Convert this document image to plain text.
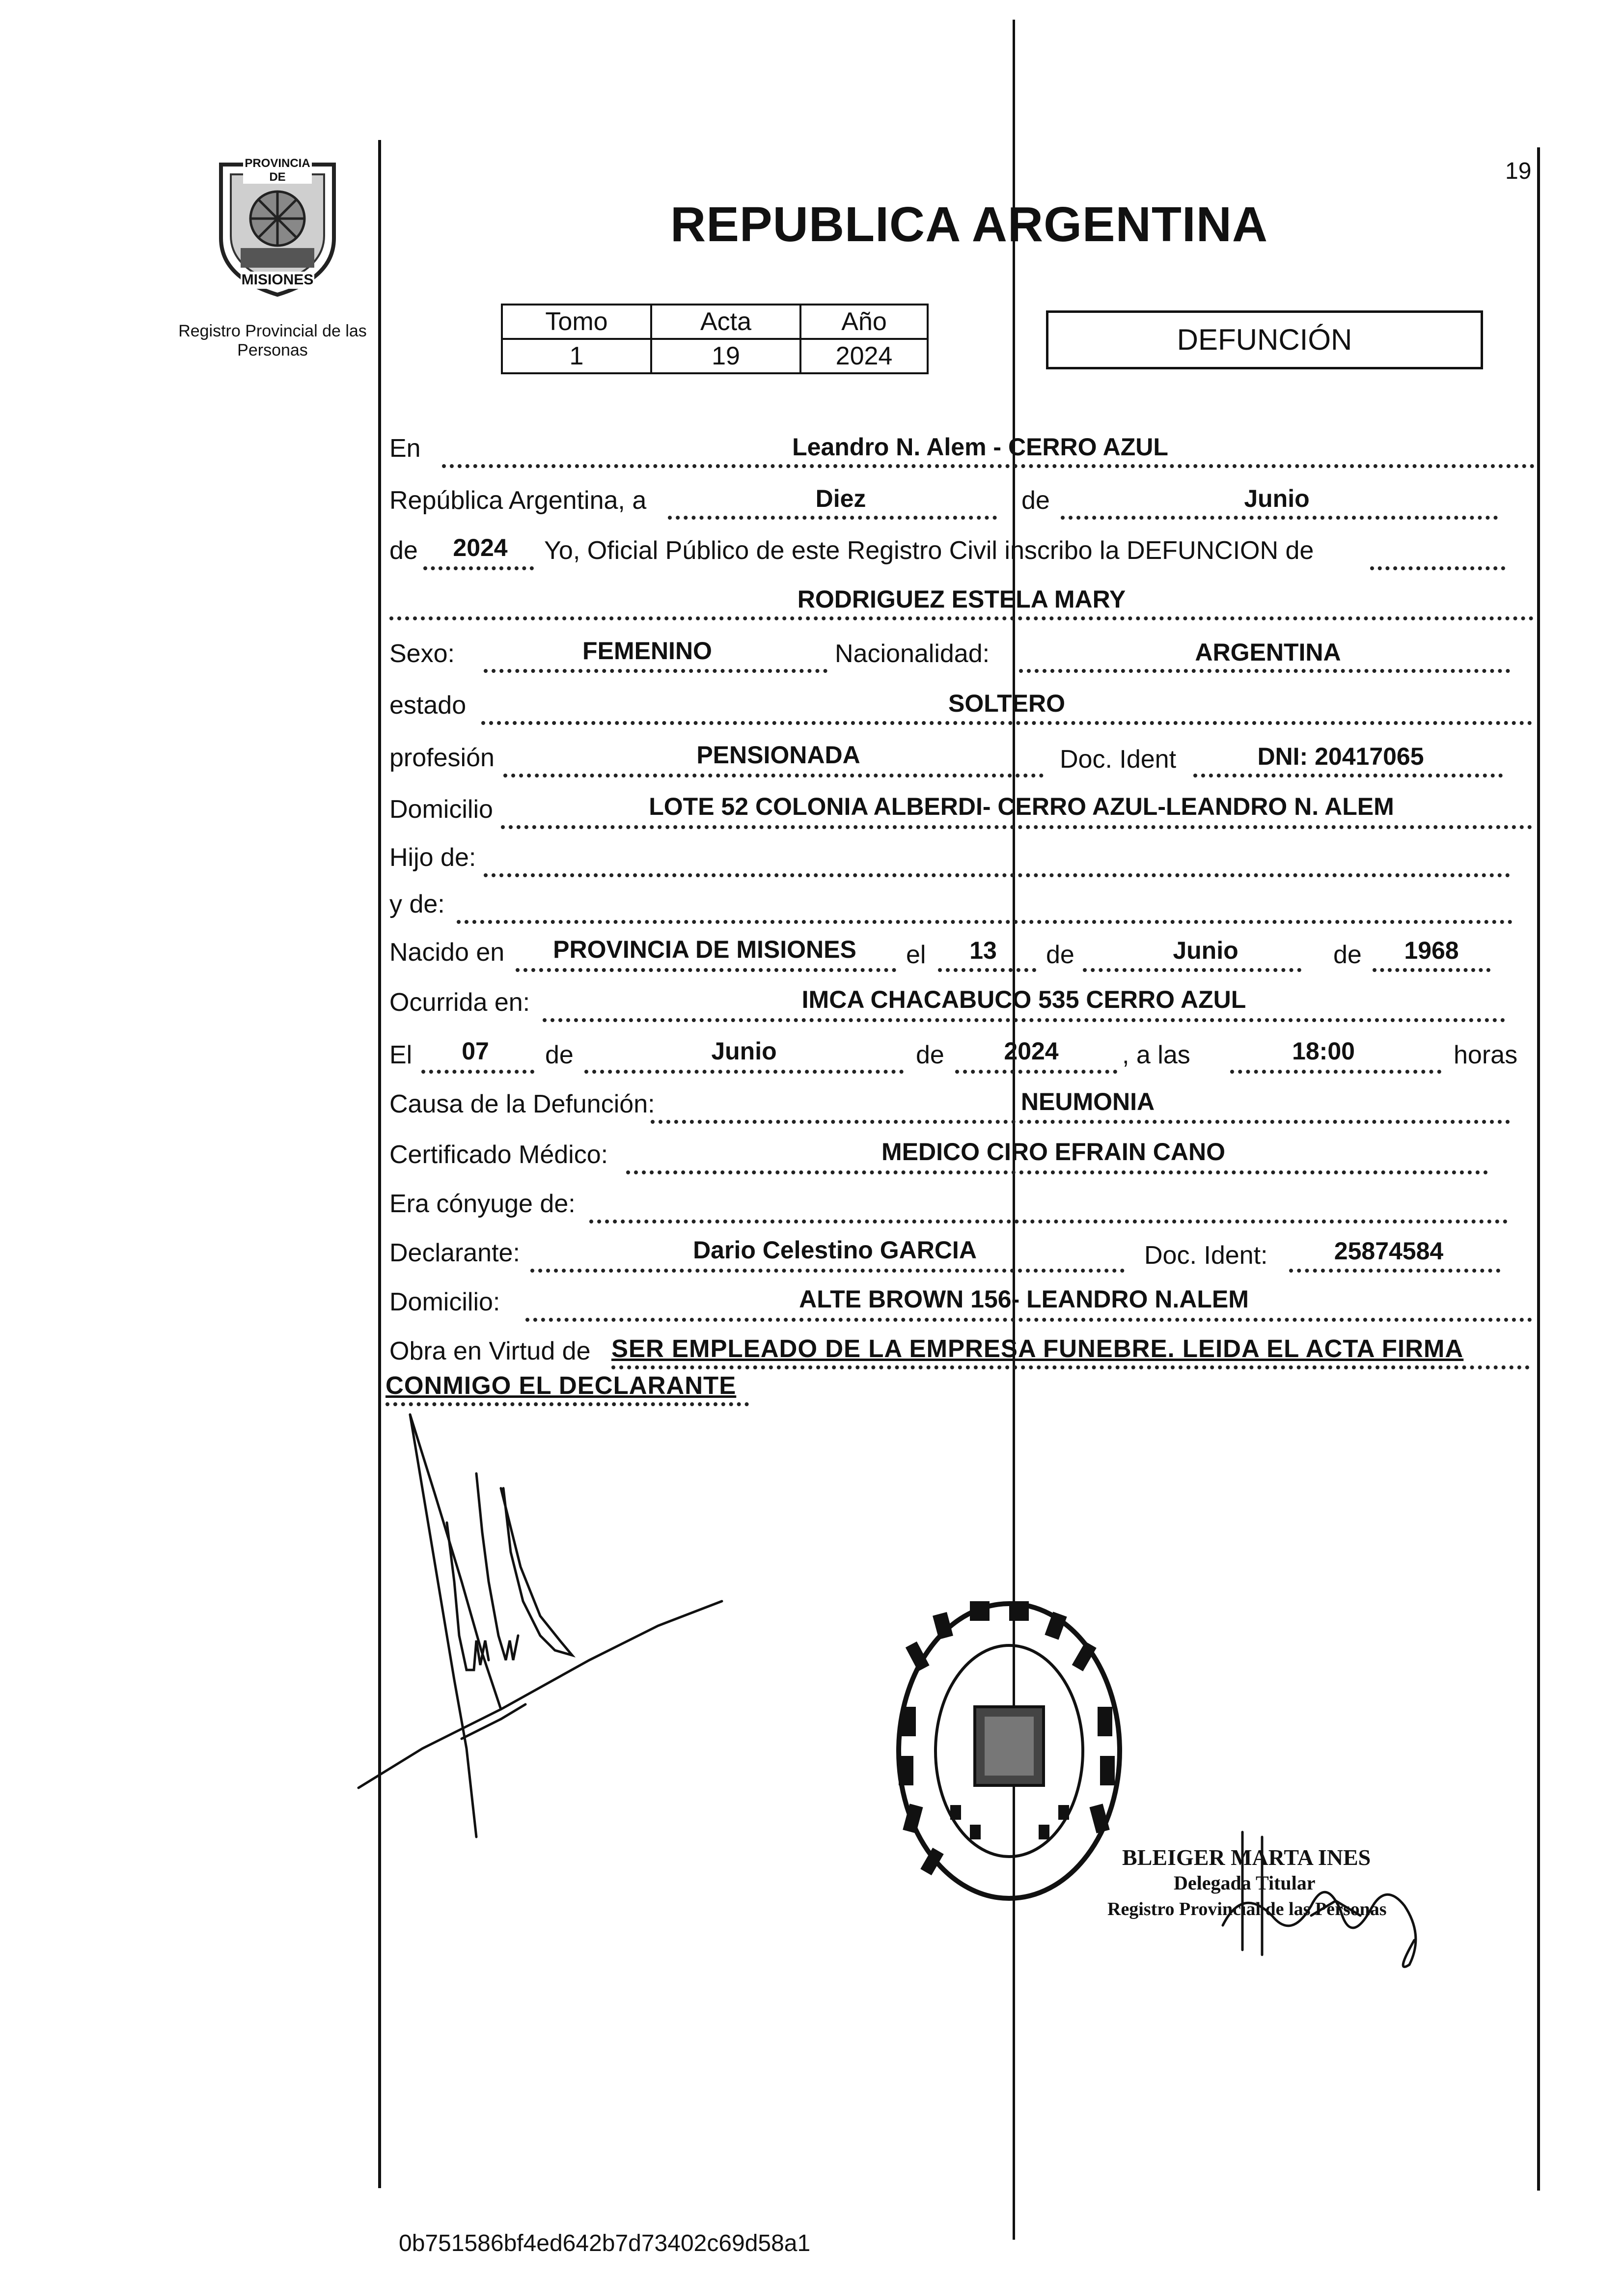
PROVINCIA DE
MISIONES
Registro Provincial de las Personas
19
REPUBLICA ARGENTINA
Tomo	Acta	Año
1	19	2024	DEFUNCIÓN
En	Leandro N. Alem - CERRO AZUL
República Argentina, a	Diez	de	Junio
de 2024 Yo, Oficial Público de este Registro Civil inscribo la DEFUNCION de
RODRIGUEZ ESTELA MARY
Sexo:	FEMENINO	Nacionalidad:	ARGENTINA
estado	SOLTERO
profesión	PENSIONADA	Doc. Ident	DNI: 20417065
Domicilio	LOTE 52 COLONIA ALBERDI- CERRO AZUL-LEANDRO N. ALEM
Hijo de:
y de:
Nacido en PROVINCIA DE MISIONES el 13 de	Junio	de 1968
Ocurrida en:	IMCA CHACABUCO 535 CERRO AZUL
El 07 de	Junio	de 2024 , a las	18:00	horas
Causa de la Defunción:	NEUMONIA
Certificado Médico:	MEDICO CIRO EFRAIN CANO
Era cónyuge de:
Declarante:	Dario Celestino GARCIA	Doc. Ident:	25874584
Domicilio:	ALTE BROWN 156- LEANDRO N.ALEM
Obra en Virtud de SER EMPLEADO DE LA EMPRESA FUNEBRE. LEIDA EL ACTA FIRMA
CONMIGO EL DECLARANTE
BLEIGER MARTA INES
Delegada Titular
Registro Provincial de las Personas
0b751586bf4ed642b7d73402c69d58a1
